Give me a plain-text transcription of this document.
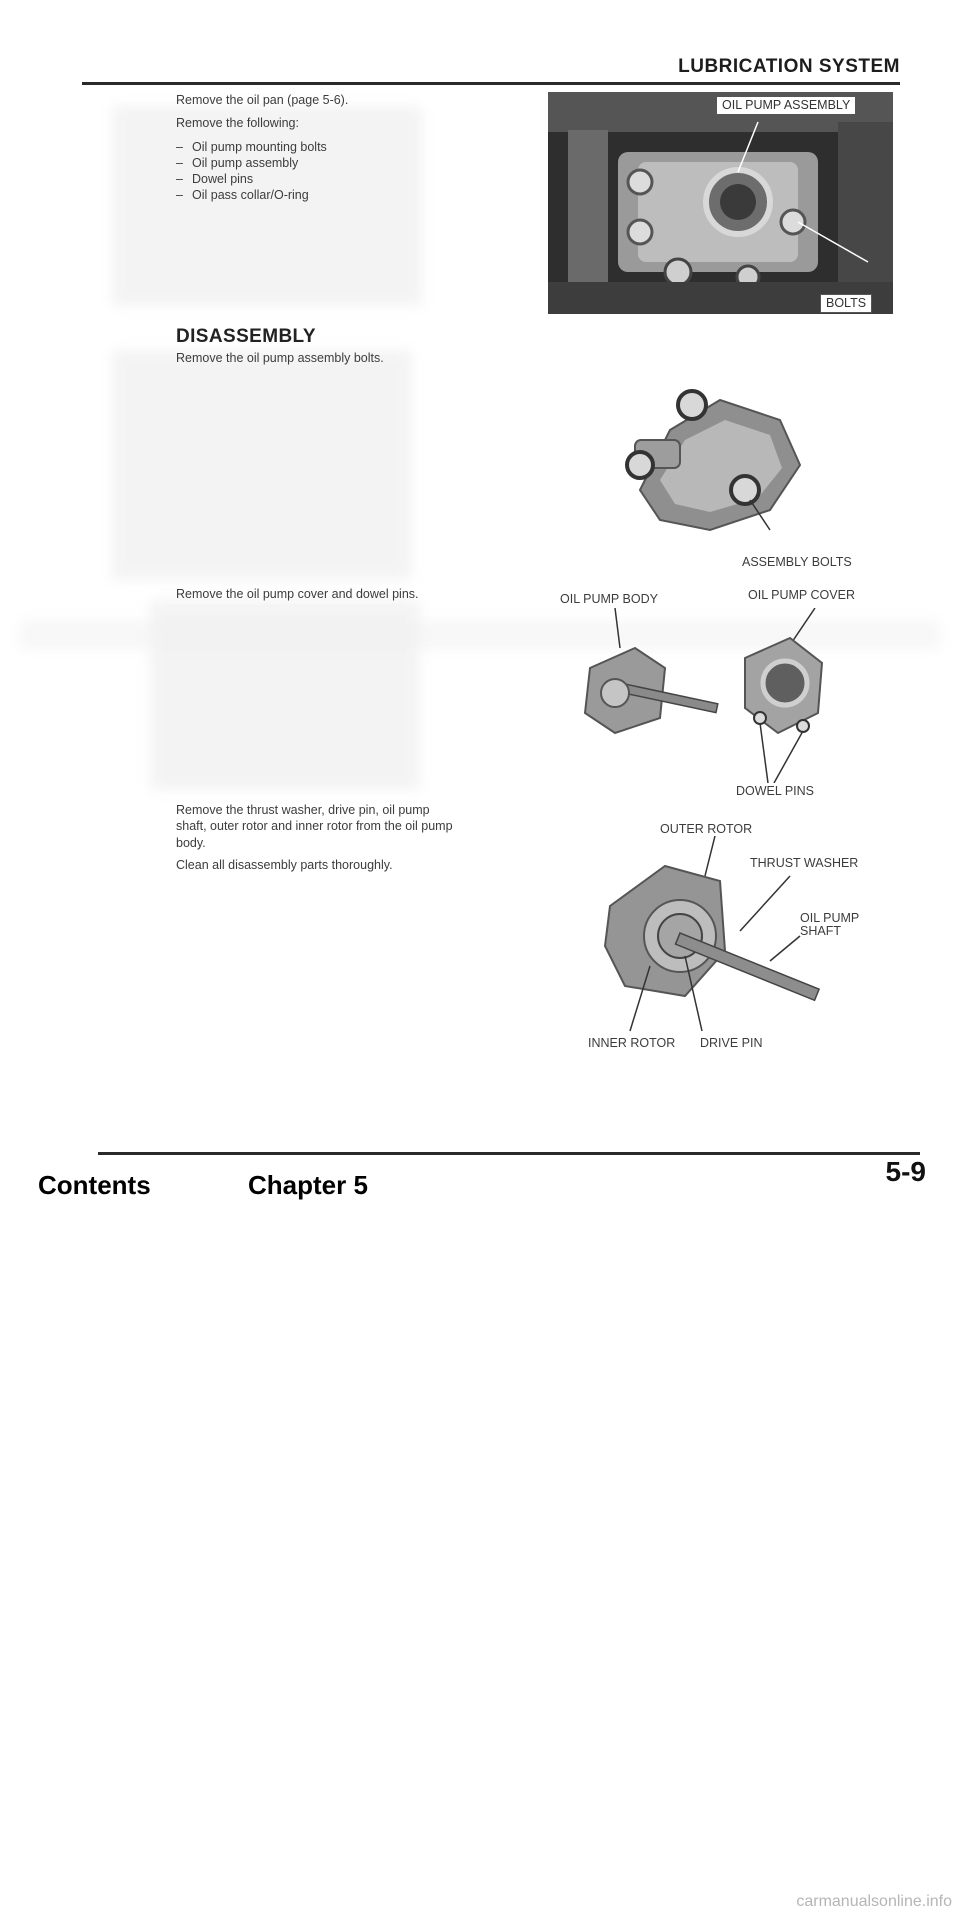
LUBRICATION SYSTEM

Remove the oil pan (page 5-6).

Remove the following:

– Oil pump mounting bolts
– Oil pump assembly
– Dowel pins
– Oil pass collar/O-ring
OIL PUMP ASSEMBLY
BOLTS
DISASSEMBLY
Remove the oil pump assembly bolts.
ASSEMBLY BOLTS
Remove the oil pump cover and dowel pins.	OIL PUMP BODY	OIL PUMP COVER
DOWEL PINS
Remove the thrust washer, drive pin, oil pump
shaft, outer rotor and inner rotor from the oil pump
body.
Clean all disassembly parts thoroughly.
OUTER ROTOR
THRUST WASHER
OIL PUMP
SHAFT
INNER ROTOR DRIVE PIN
5-9
Contents	Chapter 5
carmanualsonline.info
